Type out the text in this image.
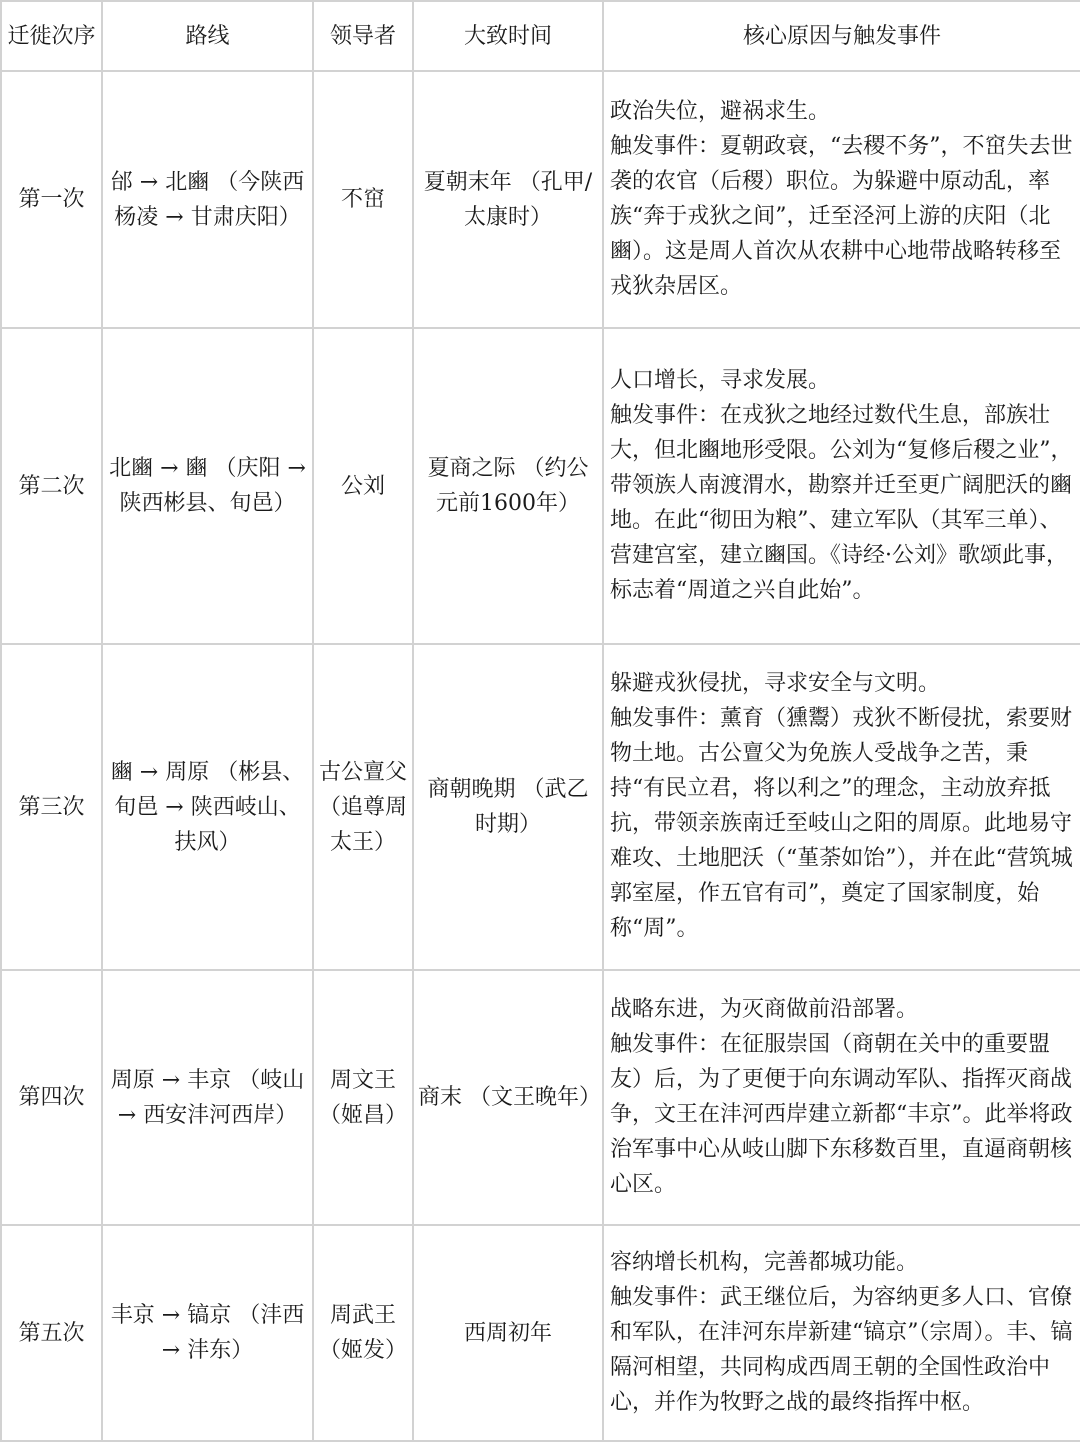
迁徙次序	路线	领导者	大致时间	核心原因与触发事件
第一次	邰 → 北豳 （今陕西杨凌 → 甘肃庆阳）	不窋	夏朝末年 （孔甲/太康时）	政治失位，避祸求生。
触发事件：夏朝政衰，“去稷不务”，不窋失去世袭的农官（后稷）职位。为躲避中原动乱，率族“奔于戎狄之间”，迁至泾河上游的庆阳（北豳）。这是周人首次从农耕中心地带战略转移至戎狄杂居区。

第二次	北豳 → 豳 （庆阳 → 陕西彬县、旬邑）	公刘	夏商之际 （约公元前1600年）	人口增长，寻求发展。
触发事件：在戎狄之地经过数代生息，部族壮大，但北豳地形受限。公刘为“复修后稷之业”，带领族人南渡渭水，勘察并迁至更广阔肥沃的豳地。在此“彻田为粮”、建立军队（其军三单）、营建宫室，建立豳国。《诗经·公刘》歌颂此事，标志着“周道之兴自此始”。

第三次	豳 → 周原 （彬县、旬邑 → 陕西岐山、扶风）	古公亶父 （追尊周太王）	商朝晚期 （武乙时期）	躲避戎狄侵扰，寻求安全与文明。
触发事件：薰育（獯鬻）戎狄不断侵扰，索要财物土地。古公亶父为免族人受战争之苦，秉持“有民立君，将以利之”的理念，主动放弃抵抗，带领亲族南迁至岐山之阳的周原。此地易守难攻、土地肥沃（“堇荼如饴”），并在此“营筑城郭室屋，作五官有司”，奠定了国家制度，始称“周”。

第四次	周原 → 丰京 （岐山 → 西安沣河西岸）	周文王 （姬昌）	商末 （文王晚年）	战略东进，为灭商做前沿部署。
触发事件：在征服崇国（商朝在关中的重要盟友）后，为了更便于向东调动军队、指挥灭商战争，文王在沣河西岸建立新都“丰京”。此举将政治军事中心从岐山脚下东移数百里，直逼商朝核心区。

第五次	丰京 → 镐京 （沣西 → 沣东）	周武王 （姬发）	西周初年	容纳增长机构，完善都城功能。
触发事件：武王继位后，为容纳更多人口、官僚和军队，在沣河东岸新建“镐京”（宗周）。丰、镐隔河相望，共同构成西周王朝的全国性政治中心，并作为牧野之战的最终指挥中枢。
